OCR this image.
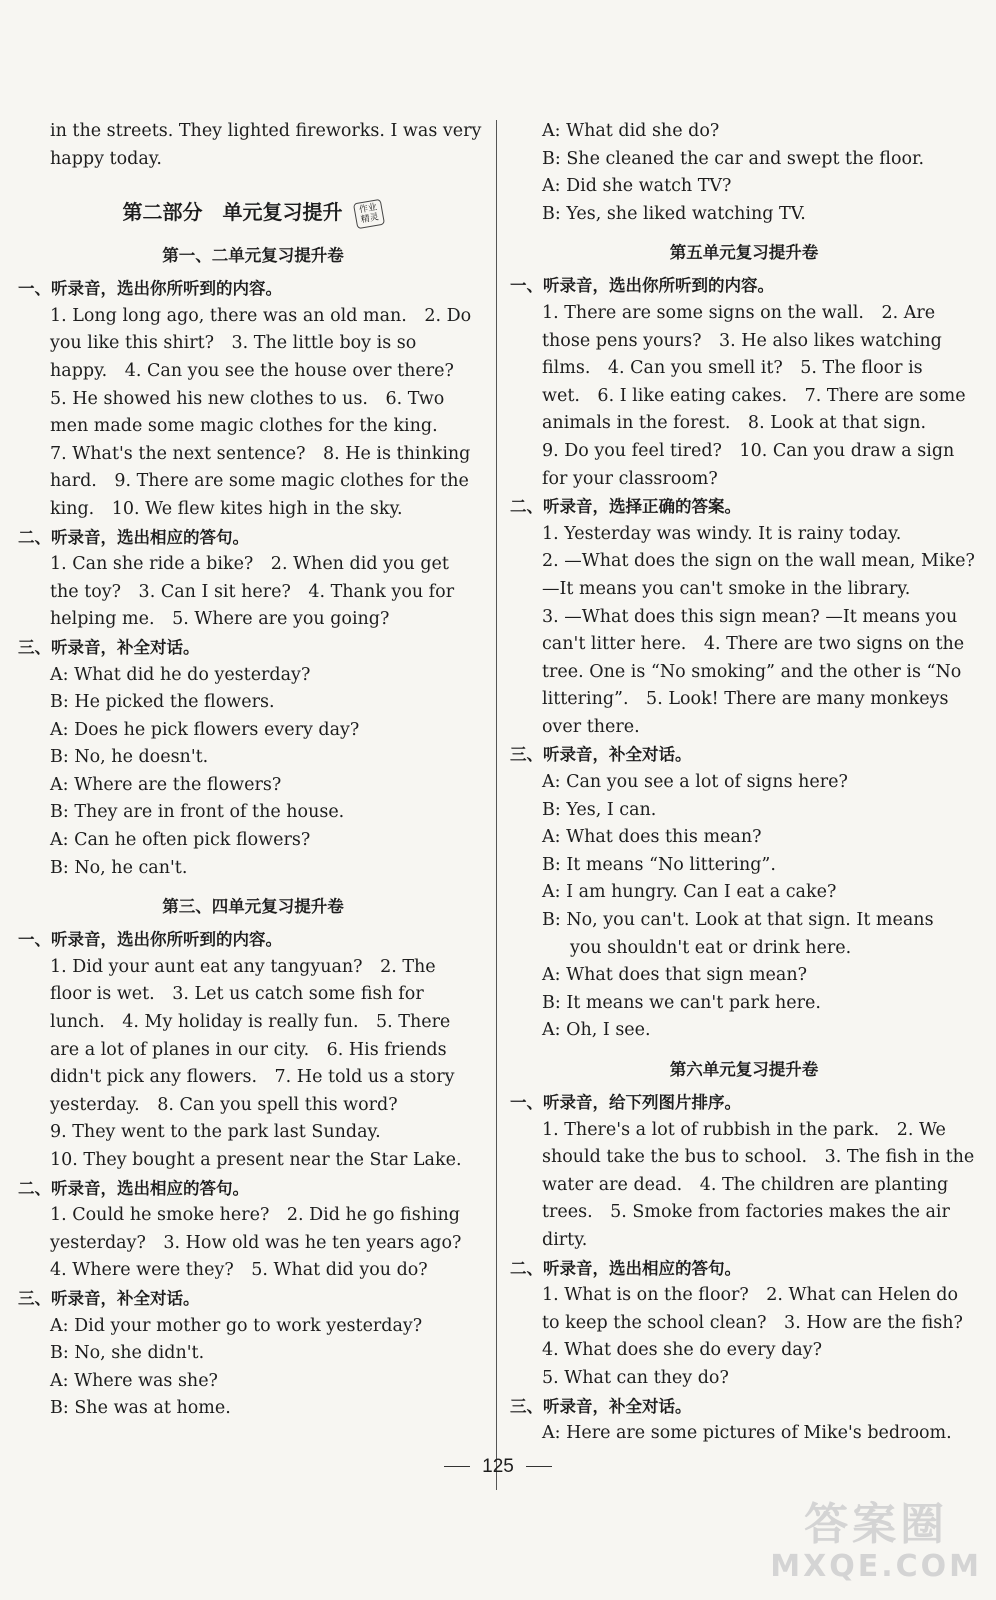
in the streets. They lighted fireworks. I was very

happy today.

第二部分　单元复习提升 作业
精灵
第一、二单元复习提升卷
一、听录音，选出你所听到的内容。

1. Long long ago, there was an old man.　2. Do

you like this shirt?　3. The little boy is so

happy.　4. Can you see the house over there?

5. He showed his new clothes to us.　6. Two

men made some magic clothes for the king.

7. What's the next sentence?　8. He is thinking

hard.　9. There are some magic clothes for the

king.　10. We flew kites high in the sky.

二、听录音，选出相应的答句。

1. Can she ride a bike?　2. When did you get

the toy?　3. Can I sit here?　4. Thank you for

helping me.　5. Where are you going?

三、听录音，补全对话。

A: What did he do yesterday?

B: He picked the flowers.

A: Does he pick flowers every day?

B: No, he doesn't.

A: Where are the flowers?

B: They are in front of the house.

A: Can he often pick flowers?

B: No, he can't.

第三、四单元复习提升卷
一、听录音，选出你所听到的内容。

1. Did your aunt eat any tangyuan?　2. The

floor is wet.　3. Let us catch some fish for

lunch.　4. My holiday is really fun.　5. There

are a lot of planes in our city.　6. His friends

didn't pick any flowers.　7. He told us a story

yesterday.　8. Can you spell this word?

9. They went to the park last Sunday.

10. They bought a present near the Star Lake.

二、听录音，选出相应的答句。

1. Could he smoke here?　2. Did he go fishing

yesterday?　3. How old was he ten years ago?

4. Where were they?　5. What did you do?

三、听录音，补全对话。

A: Did your mother go to work yesterday?

B: No, she didn't.

A: Where was she?

B: She was at home.

A: What did she do?

B: She cleaned the car and swept the floor.

A: Did she watch TV?

B: Yes, she liked watching TV.

第五单元复习提升卷
一、听录音，选出你所听到的内容。

1. There are some signs on the wall.　2. Are

those pens yours?　3. He also likes watching

films.　4. Can you smell it?　5. The floor is

wet.　6. I like eating cakes.　7. There are some

animals in the forest.　8. Look at that sign.

9. Do you feel tired?　10. Can you draw a sign

for your classroom?

二、听录音，选择正确的答案。

1. Yesterday was windy. It is rainy today.

2. —What does the sign on the wall mean, Mike?

—It means you can't smoke in the library.

3. —What does this sign mean? —It means you

can't litter here.　4. There are two signs on the

tree. One is “No smoking” and the other is “No

littering”.　5. Look! There are many monkeys

over there.

三、听录音，补全对话。

A: Can you see a lot of signs here?

B: Yes, I can.

A: What does this mean?

B: It means “No littering”.

A: I am hungry. Can I eat a cake?

B: No, you can't. Look at that sign. It means

you shouldn't eat or drink here.

A: What does that sign mean?

B: It means we can't park here.

A: Oh, I see.

第六单元复习提升卷
一、听录音，给下列图片排序。

1. There's a lot of rubbish in the park.　2. We

should take the bus to school.　3. The fish in the

water are dead.　4. The children are planting

trees.　5. Smoke from factories makes the air

dirty.

二、听录音，选出相应的答句。

1. What is on the floor?　2. What can Helen do

to keep the school clean?　3. How are the fish?

4. What does she do every day?

5. What can they do?

三、听录音，补全对话。

A: Here are some pictures of Mike's bedroom.

125
答案圈
MXQE.COM
